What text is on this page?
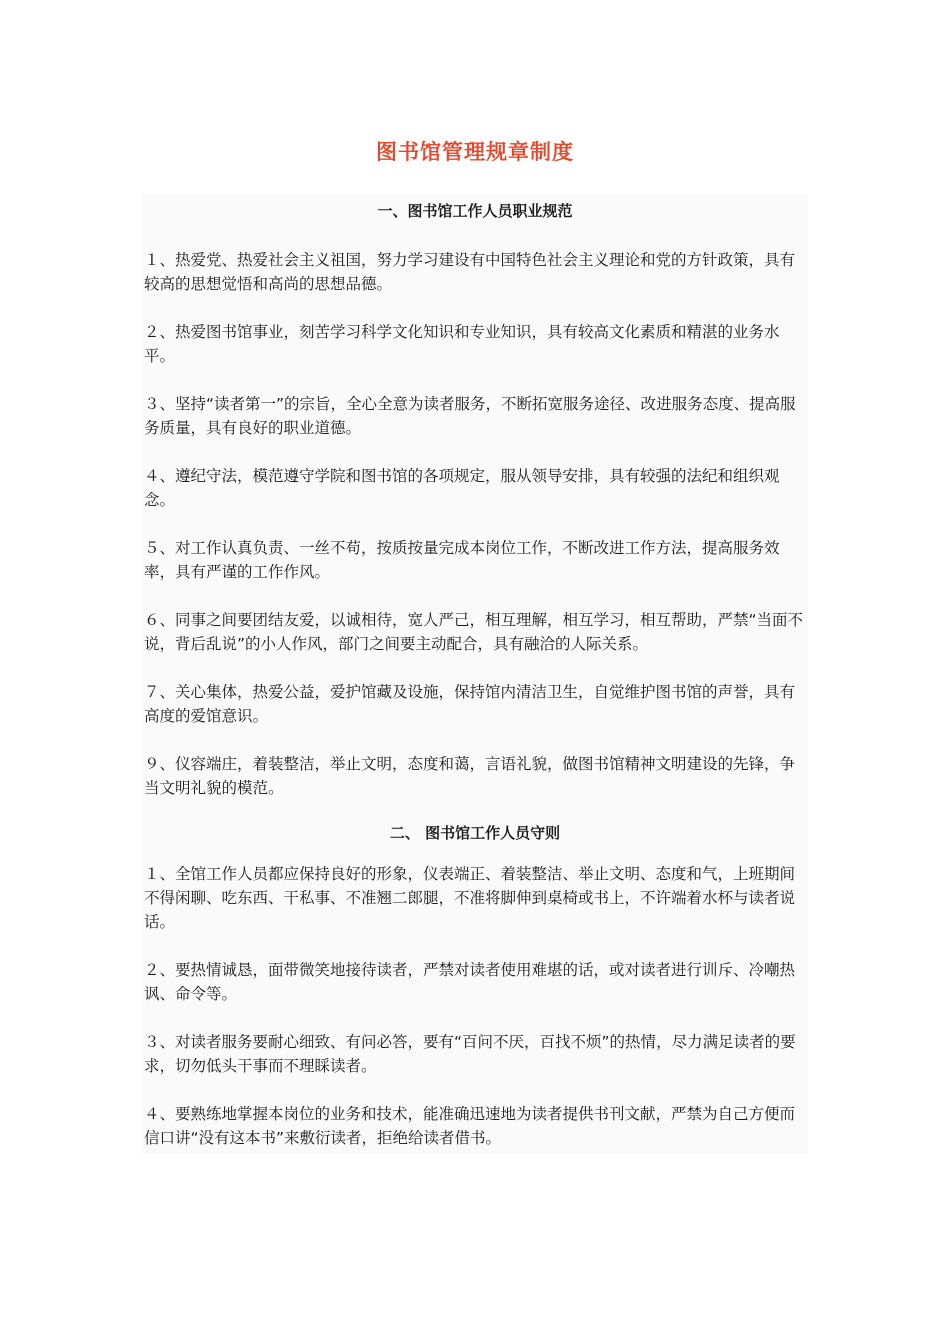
图书馆管理规章制度
一、图书馆工作人员职业规范

１、热爱党、热爱社会主义祖国，努力学习建设有中国特色社会主义理论和党的方针政策，具有较高的思想觉悟和高尚的思想品德。

２、热爱图书馆事业，刻苦学习科学文化知识和专业知识，具有较高文化素质和精湛的业务水平。

３、坚持“读者第一”的宗旨，全心全意为读者服务，不断拓宽服务途径、改进服务态度、提高服务质量，具有良好的职业道德。

４、遵纪守法，模范遵守学院和图书馆的各项规定，服从领导安排，具有较强的法纪和组织观念。

５、对工作认真负责、一丝不苟，按质按量完成本岗位工作，不断改进工作方法，提高服务效率，具有严谨的工作作风。

６、同事之间要团结友爱，以诚相待，宽人严己，相互理解，相互学习，相互帮助，严禁“当面不说，背后乱说”的小人作风，部门之间要主动配合，具有融洽的人际关系。

７、关心集体，热爱公益，爱护馆藏及设施，保持馆内清洁卫生，自觉维护图书馆的声誉，具有高度的爱馆意识。

９、仪容端庄，着装整洁，举止文明，态度和蔼，言语礼貌，做图书馆精神文明建设的先锋，争当文明礼貌的模范。

二、 图书馆工作人员守则

１、全馆工作人员都应保持良好的形象，仪表端正、着装整洁、举止文明、态度和气，上班期间不得闲聊、吃东西、干私事、不准翘二郎腿，不准将脚伸到桌椅或书上，不许端着水杯与读者说话。

２、要热情诚恳，面带微笑地接待读者，严禁对读者使用难堪的话，或对读者进行训斥、冷嘲热讽、命令等。

３、对读者服务要耐心细致、有问必答，要有“百问不厌，百找不烦”的热情，尽力满足读者的要求，切勿低头干事而不理睬读者。

４、要熟练地掌握本岗位的业务和技术，能准确迅速地为读者提供书刊文献，严禁为自己方便而信口讲“没有这本书”来敷衍读者，拒绝给读者借书。
